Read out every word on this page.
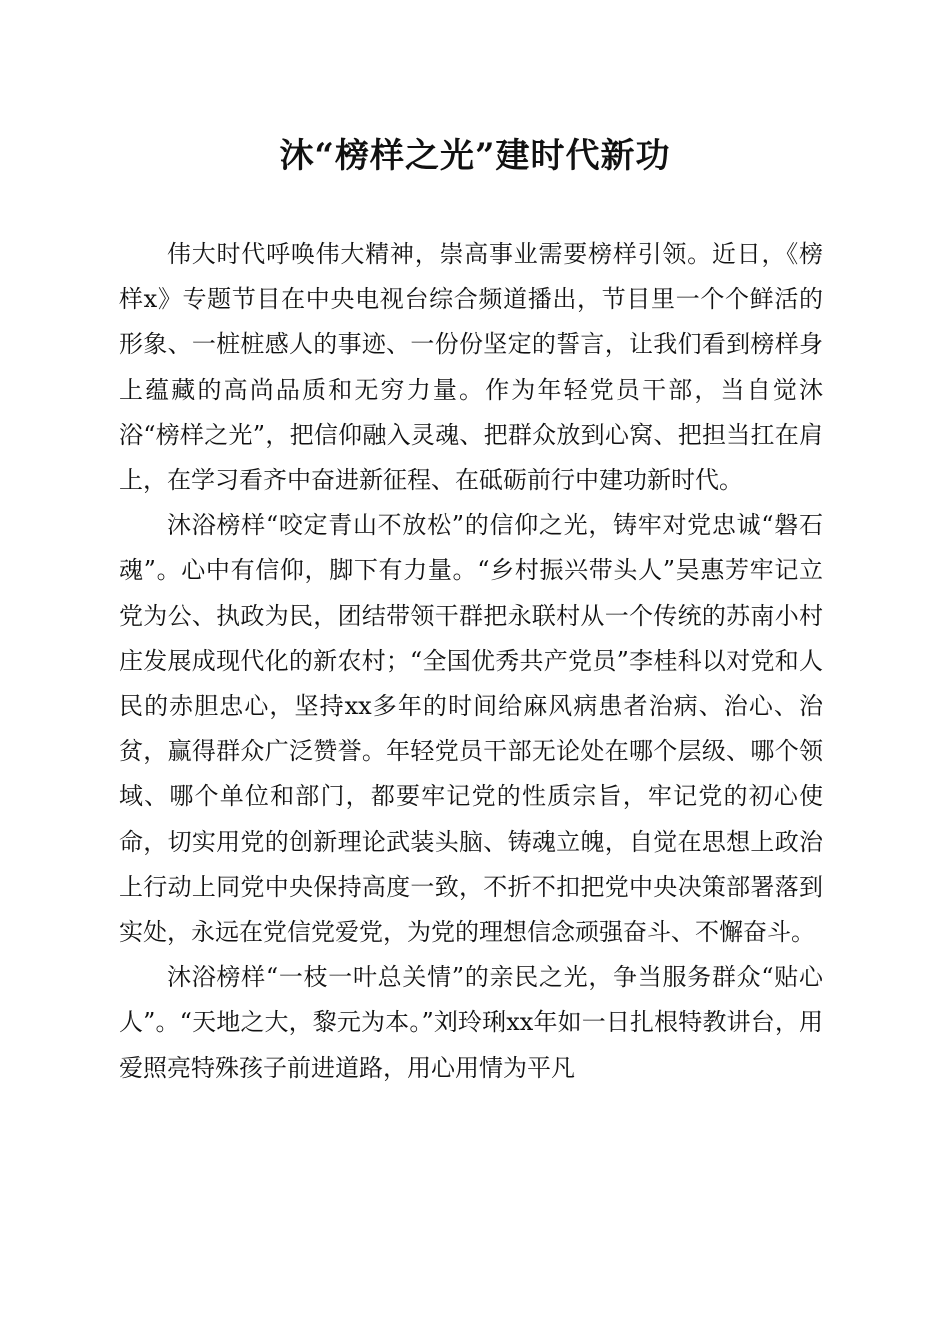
沐“榜样之光”建时代新功

伟大时代呼唤伟大精神，崇高事业需要榜样引领。近日，《榜样x》专题节目在中央电视台综合频道播出，节目里一个个鲜活的形象、一桩桩感人的事迹、一份份坚定的誓言，让我们看到榜样身上蕴藏的高尚品质和无穷力量。作为年轻党员干部，当自觉沐浴“榜样之光”，把信仰融入灵魂、把群众放到心窝、把担当扛在肩上，在学习看齐中奋进新征程、在砥砺前行中建功新时代。

沐浴榜样“咬定青山不放松”的信仰之光，铸牢对党忠诚“磐石魂”。心中有信仰，脚下有力量。“乡村振兴带头人”吴惠芳牢记立党为公、执政为民，团结带领干群把永联村从一个传统的苏南小村庄发展成现代化的新农村；“全国优秀共产党员”李桂科以对党和人民的赤胆忠心，坚持xx多年的时间给麻风病患者治病、治心、治贫，赢得群众广泛赞誉。年轻党员干部无论处在哪个层级、哪个领域、哪个单位和部门，都要牢记党的性质宗旨，牢记党的初心使命，切实用党的创新理论武装头脑、铸魂立魄，自觉在思想上政治上行动上同党中央保持高度一致，不折不扣把党中央决策部署落到实处，永远在党信党爱党，为党的理想信念顽强奋斗、不懈奋斗。

沐浴榜样“一枝一叶总关情”的亲民之光，争当服务群众“贴心人”。“天地之大，黎元为本。”刘玲琍xx年如一日扎根特教讲台，用爱照亮特殊孩子前进道路，用心用情为平凡
